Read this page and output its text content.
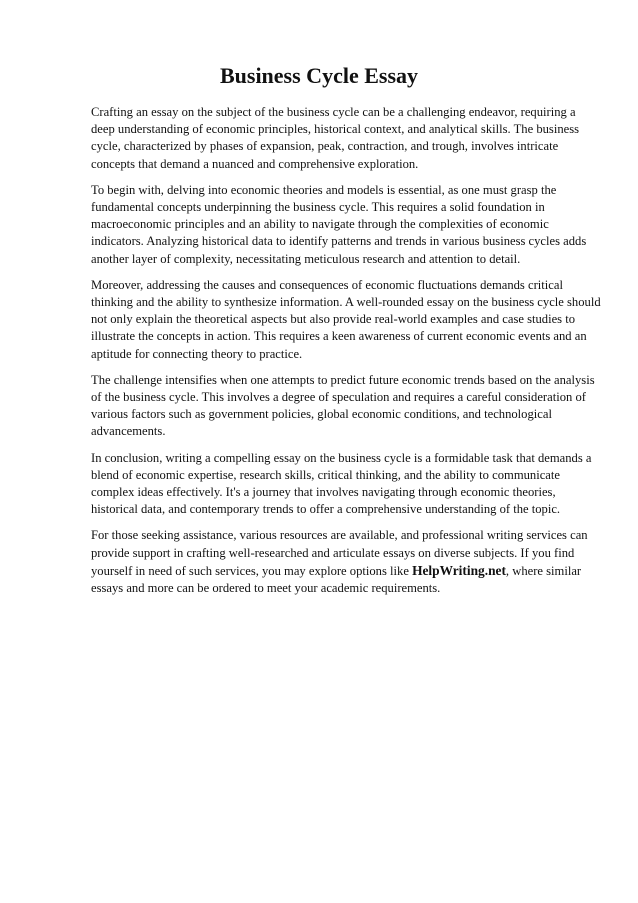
Business Cycle Essay

Crafting an essay on the subject of the business cycle can be a challenging endeavor, requiring a deep understanding of economic principles, historical context, and analytical skills. The business cycle, characterized by phases of expansion, peak, contraction, and trough, involves intricate concepts that demand a nuanced and comprehensive exploration.

To begin with, delving into economic theories and models is essential, as one must grasp the fundamental concepts underpinning the business cycle. This requires a solid foundation in macroeconomic principles and an ability to navigate through the complexities of economic indicators. Analyzing historical data to identify patterns and trends in various business cycles adds another layer of complexity, necessitating meticulous research and attention to detail.

Moreover, addressing the causes and consequences of economic fluctuations demands critical thinking and the ability to synthesize information. A well-rounded essay on the business cycle should not only explain the theoretical aspects but also provide real-world examples and case studies to illustrate the concepts in action. This requires a keen awareness of current economic events and an aptitude for connecting theory to practice.

The challenge intensifies when one attempts to predict future economic trends based on the analysis of the business cycle. This involves a degree of speculation and requires a careful consideration of various factors such as government policies, global economic conditions, and technological advancements.

In conclusion, writing a compelling essay on the business cycle is a formidable task that demands a blend of economic expertise, research skills, critical thinking, and the ability to communicate complex ideas effectively. It's a journey that involves navigating through economic theories, historical data, and contemporary trends to offer a comprehensive understanding of the topic.

For those seeking assistance, various resources are available, and professional writing services can provide support in crafting well-researched and articulate essays on diverse subjects. If you find yourself in need of such services, you may explore options like HelpWriting.net, where similar essays and more can be ordered to meet your academic requirements.
